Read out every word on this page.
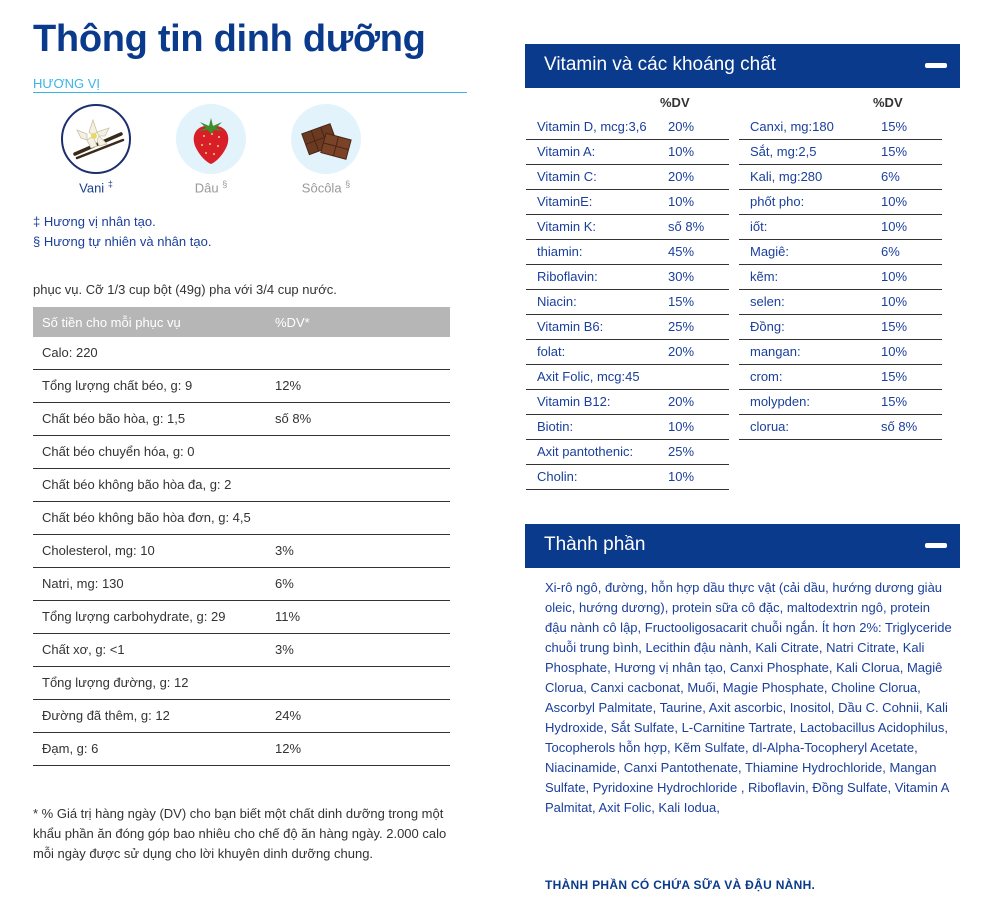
Thông tin dinh dưỡng
HƯƠNG VỊ
Vani ‡	Dâu §	Sôcôla §
‡ Hương vị nhân tạo.
§ Hương tự nhiên và nhân tạo.
phục vụ. Cỡ 1/3 cup bột (49g) pha với 3/4 cup nước.
Số tiền cho mỗi phục vụ	%DV*
Calo: 220	
Tổng lượng chất béo, g: 9	12%
Chất béo bão hòa, g: 1,5	số 8%
Chất béo chuyển hóa, g: 0	
Chất béo không bão hòa đa, g: 2	
Chất béo không bão hòa đơn, g: 4,5	
Cholesterol, mg: 10	3%
Natri, mg: 130	6%
Tổng lượng carbohydrate, g: 29	11%
Chất xơ, g: <1	3%
Tổng lượng đường, g: 12	
Đường đã thêm, g: 12	24%
Đạm, g: 6	12%
* % Giá trị hàng ngày (DV) cho bạn biết một chất dinh dưỡng trong một khẩu phần ăn đóng góp bao nhiêu cho chế độ ăn hàng ngày. 2.000 calo mỗi ngày được sử dụng cho lời khuyên dinh dưỡng chung.
Vitamin và các khoáng chất
%DV
Vitamin D, mcg:3,6	20%
Vitamin A:	10%
Vitamin C:	20%
VitaminE:	10%
Vitamin K:	số 8%
thiamin:	45%
Riboflavin:	30%
Niacin:	15%
Vitamin B6:	25%
folat:	20%
Axit Folic, mcg:45
Vitamin B12:	20%
Biotin:	10%
Axit pantothenic:	25%
Cholin:	10%
%DV
Canxi, mg:180	15%
Sắt, mg:2,5	15%
Kali, mg:280	6%
phốt pho:	10%
iốt:	10%
Magiê:	6%
kẽm:	10%
selen:	10%
Đồng:	15%
mangan:	10%
crom:	15%
molypden:	15%
clorua:	số 8%
Thành phần
Xi-rô ngô, đường, hỗn hợp dầu thực vật (cải dầu, hướng dương giàu oleic, hướng dương), protein sữa cô đặc, maltodextrin ngô, protein đậu nành cô lập, Fructooligosacarit chuỗi ngắn. Ít hơn 2%: Triglyceride chuỗi trung bình, Lecithin đậu nành, Kali Citrate, Natri Citrate, Kali Phosphate, Hương vị nhân tạo, Canxi Phosphate, Kali Clorua, Magiê Clorua, Canxi cacbonat, Muối, Magie Phosphate, Choline Clorua, Ascorbyl Palmitate, Taurine, Axit ascorbic, Inositol, Dầu C. Cohnii, Kali Hydroxide, Sắt Sulfate, L-Carnitine Tartrate, Lactobacillus Acidophilus, Tocopherols hỗn hợp, Kẽm Sulfate, dl-Alpha-Tocopheryl Acetate, Niacinamide, Canxi Pantothenate, Thiamine Hydrochloride, Mangan Sulfate, Pyridoxine Hydrochloride , Riboflavin, Đồng Sulfate, Vitamin A Palmitat, Axit Folic, Kali Iodua,
THÀNH PHẦN CÓ CHỨA SỮA VÀ ĐẬU NÀNH.
